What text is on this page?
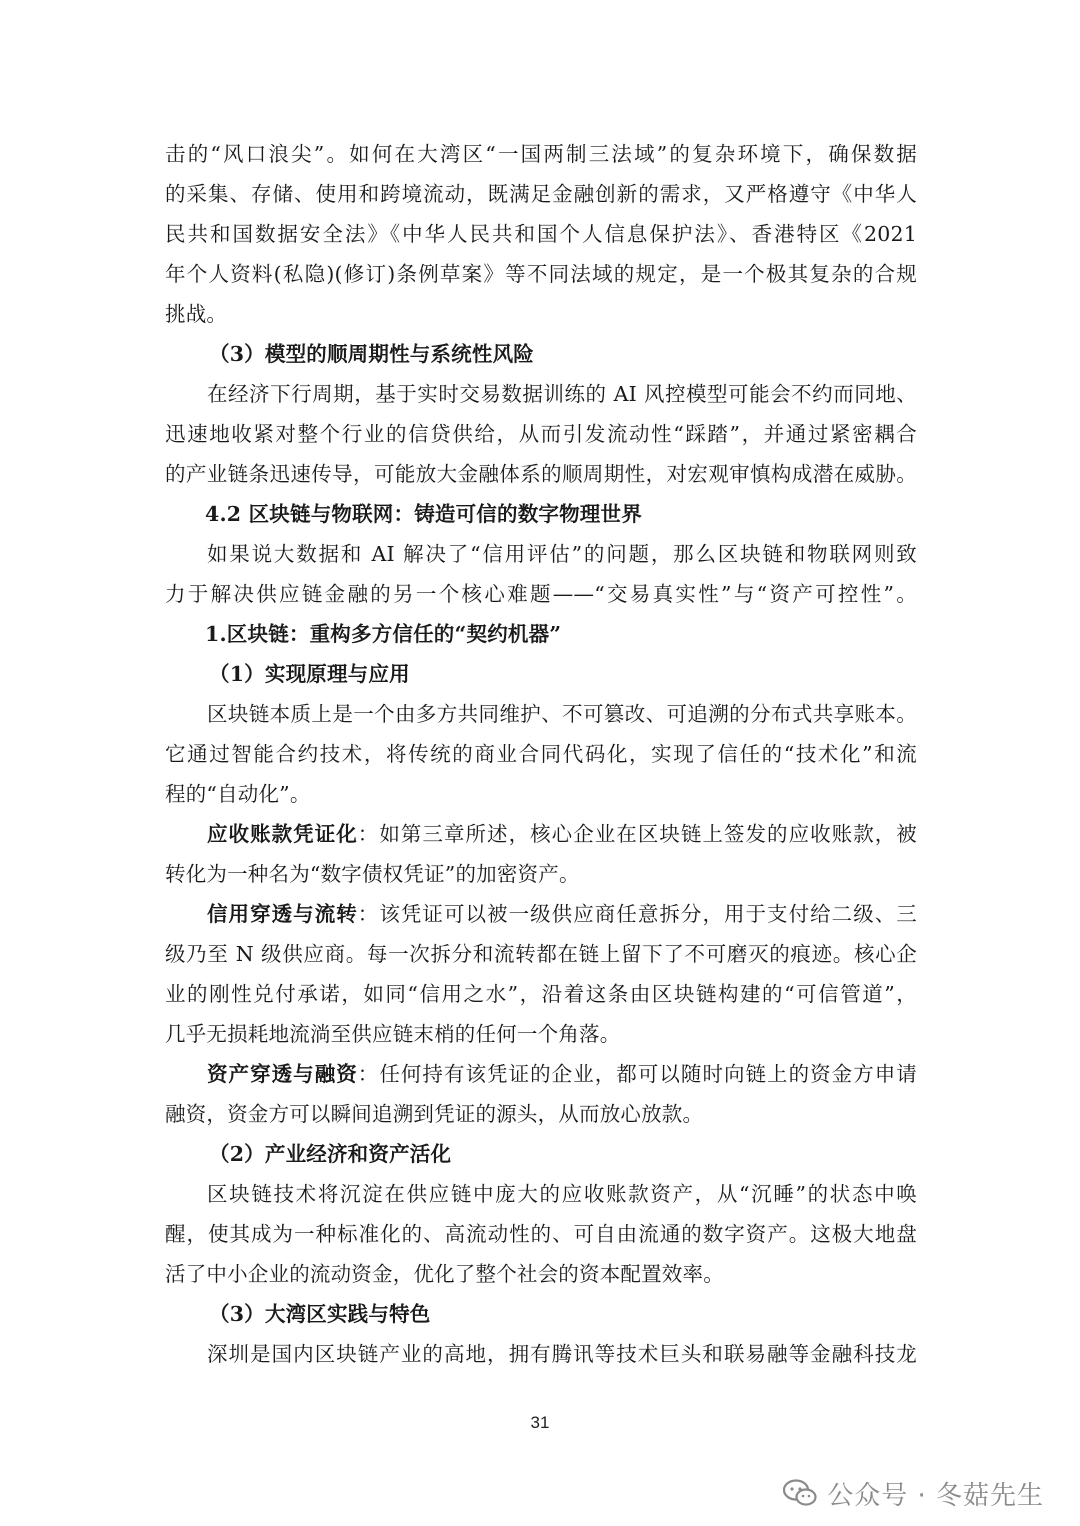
击的“风口浪尖”。如何在大湾区“一国两制三法域”的复杂环境下，确保数据
的采集、存储、使用和跨境流动，既满足金融创新的需求，又严格遵守《中华人
民共和国数据安全法》《中华人民共和国个人信息保护法》、香港特区《2021
年个人资料(私隐)(修订)条例草案》等不同法域的规定，是一个极其复杂的合规
挑战。
（3）模型的顺周期性与系统性风险
在经济下行周期，基于实时交易数据训练的 AI 风控模型可能会不约而同地、
迅速地收紧对整个行业的信贷供给，从而引发流动性“踩踏”，并通过紧密耦合
的产业链条迅速传导，可能放大金融体系的顺周期性，对宏观审慎构成潜在威胁。
4.2 区块链与物联网：铸造可信的数字物理世界
如果说大数据和 AI 解决了“信用评估”的问题，那么区块链和物联网则致
力于解决供应链金融的另一个核心难题——“交易真实性”与“资产可控性”。
1.区块链：重构多方信任的“契约机器”
（1）实现原理与应用
区块链本质上是一个由多方共同维护、不可篡改、可追溯的分布式共享账本。
它通过智能合约技术，将传统的商业合同代码化，实现了信任的“技术化”和流
程的“自动化”。
应收账款凭证化：如第三章所述，核心企业在区块链上签发的应收账款，被
转化为一种名为“数字债权凭证”的加密资产。
信用穿透与流转：该凭证可以被一级供应商任意拆分，用于支付给二级、三
级乃至 N 级供应商。每一次拆分和流转都在链上留下了不可磨灭的痕迹。核心企
业的刚性兑付承诺，如同“信用之水”，沿着这条由区块链构建的“可信管道”，
几乎无损耗地流淌至供应链末梢的任何一个角落。
资产穿透与融资：任何持有该凭证的企业，都可以随时向链上的资金方申请
融资，资金方可以瞬间追溯到凭证的源头，从而放心放款。
（2）产业经济和资产活化
区块链技术将沉淀在供应链中庞大的应收账款资产，从“沉睡”的状态中唤
醒，使其成为一种标准化的、高流动性的、可自由流通的数字资产。这极大地盘
活了中小企业的流动资金，优化了整个社会的资本配置效率。
（3）大湾区实践与特色
深圳是国内区块链产业的高地，拥有腾讯等技术巨头和联易融等金融科技龙
31
公众号 · 冬菇先生
